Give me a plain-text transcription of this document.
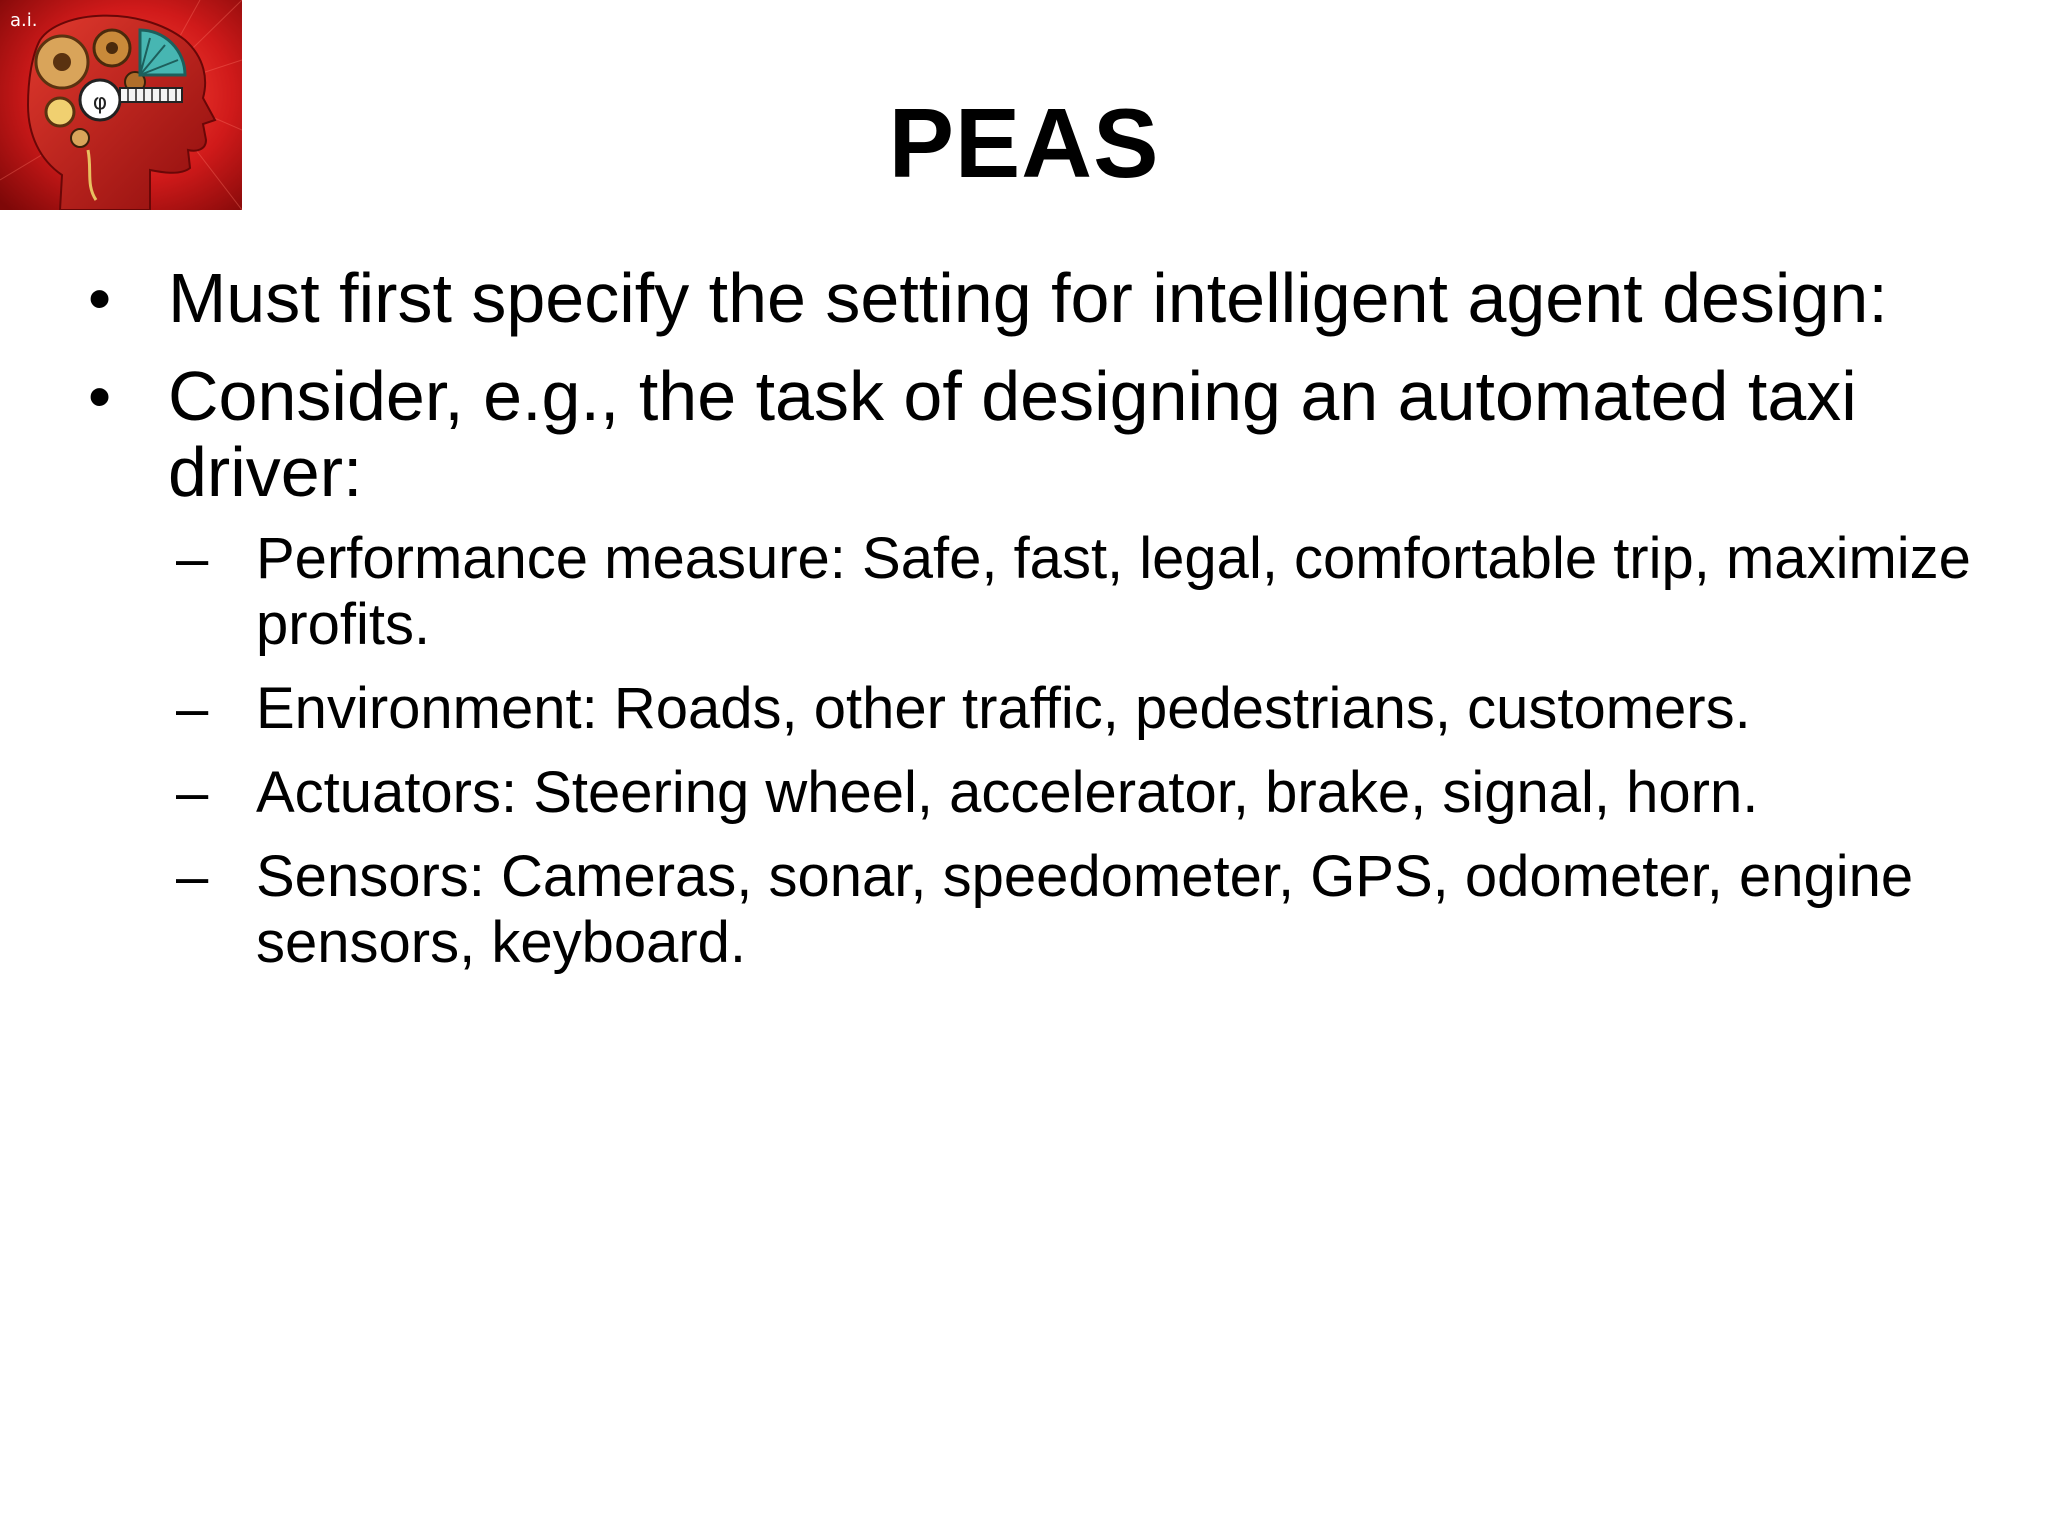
φ
a.i.
PEAS
• Must first specify the setting for intelligent agent design:
• Consider, e.g., the task of designing an automated taxi driver:
– Performance measure: Safe, fast, legal, comfortable trip, maximize profits.
– Environment: Roads, other traffic, pedestrians, customers.
– Actuators: Steering wheel, accelerator, brake, signal, horn.
– Sensors: Cameras, sonar, speedometer, GPS, odometer, engine sensors, keyboard.
